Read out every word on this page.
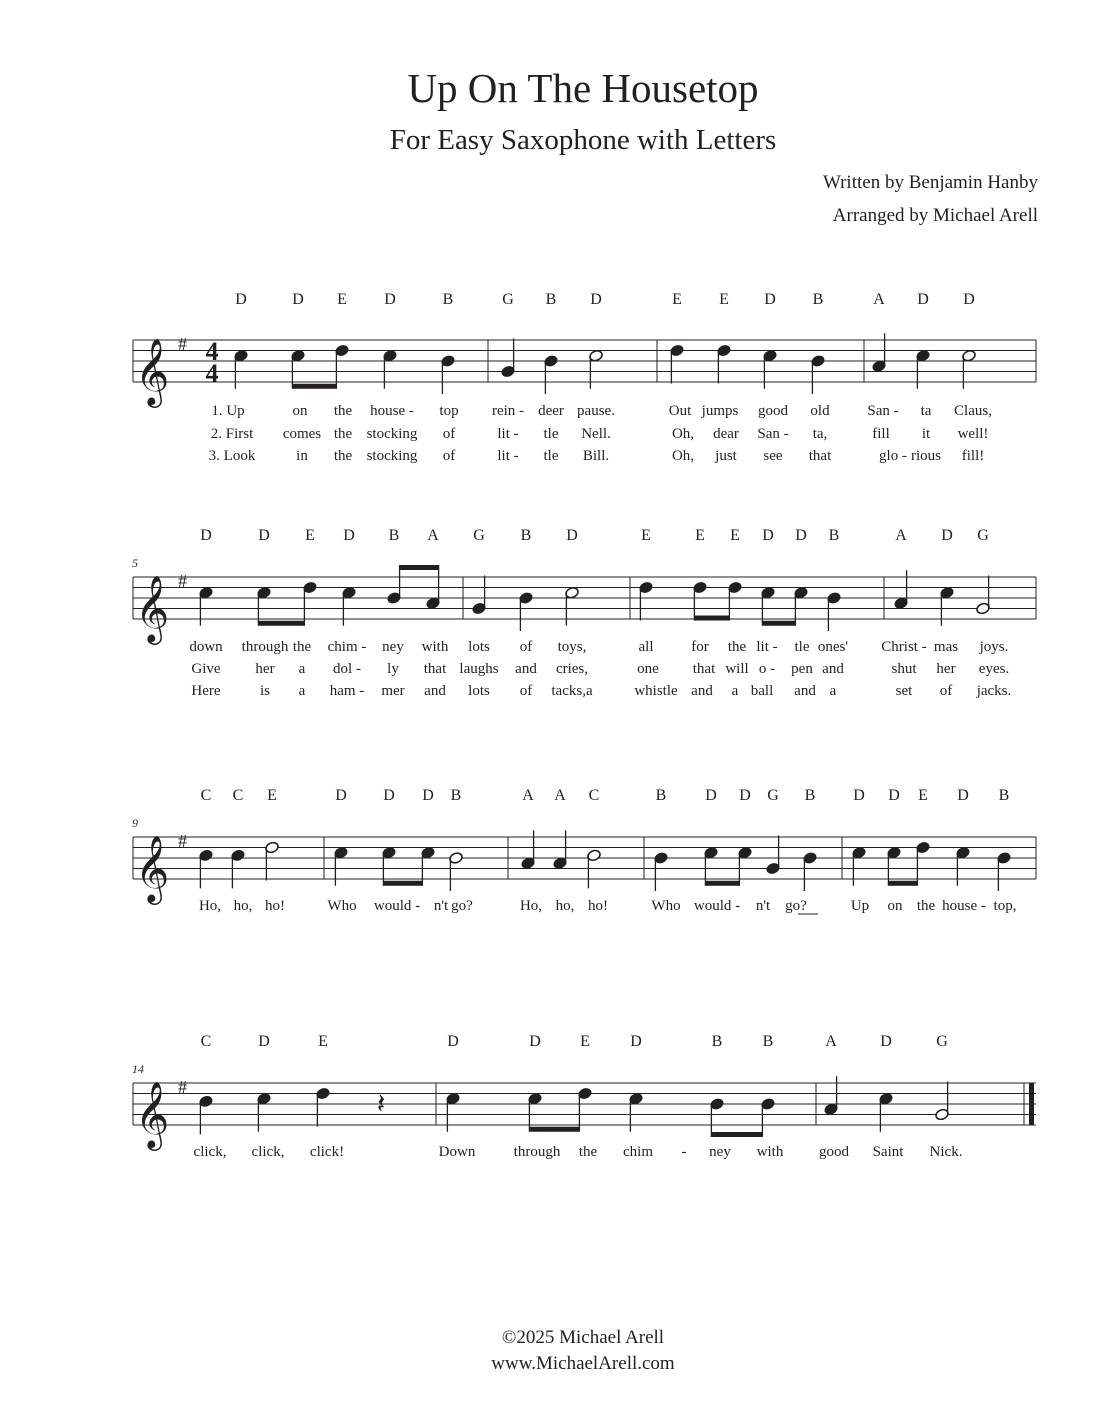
Up On The Housetop
For Easy Saxophone with Letters
Written by Benjamin Hanby
Arranged by Michael Arell
𝄞 # 4
4
D	D E D	B	G B D	E E D B	A D D
1. Up	on the house - top rein - deer pause.	Out jumps good old	San - ta Claus,
2. First comes the stocking of	lit - tle Nell.	Oh, dear San - ta,	fill it well!
3. Look	in the stocking of	lit - tle Bill.	Oh, just see that	glo - rious fill!
𝄞 #
5
D	D E D B A G B D	E	E E D D B	A D G
down through the chim - ney with lots of toys,	all	for the lit - tle ones' Christ - mas joys.
Give her a dol - ly that laughs and cries,	one that will o - pen and	shut her eyes.
Here	is a ham - mer and lots of tacks,a	whistle and a ball and a	set of jacks.
𝄞 #
9
C C E	D D D B	A A C	B D D G B D D E D B
Ho, ho, ho!	Who would - n't go?	Ho, ho, ho!	Who would - n't go?	Up on the house - top,
𝄞 #
14
𝄽
C	D	E	D	D E	D	B	B	A	D	G
click, click, click!	Down	through the chim - ney with good Saint Nick.
©2025 Michael Arell
www.MichaelArell.com
